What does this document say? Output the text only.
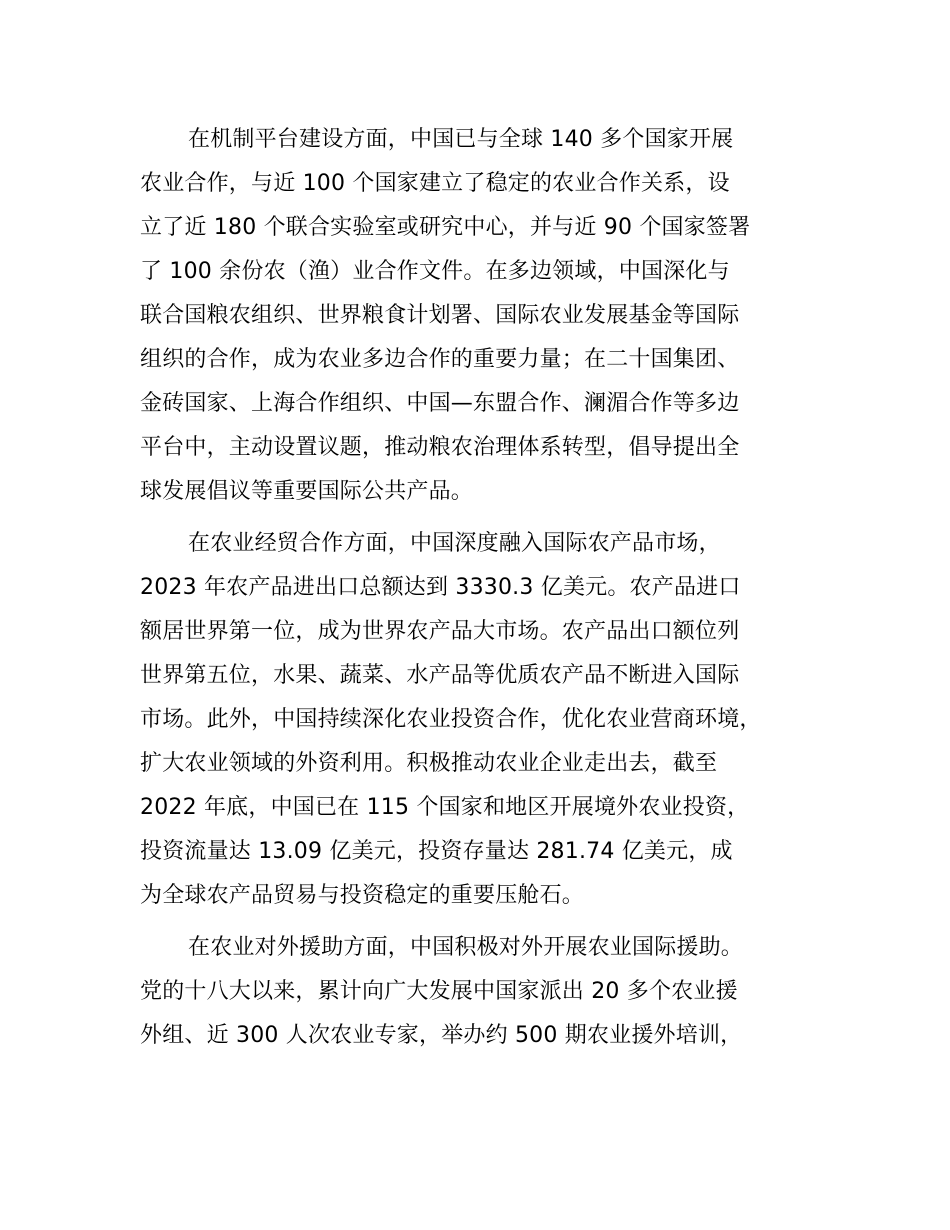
在机制平台建设方面，中国已与全球 140 多个国家开展
农业合作，与近 100 个国家建立了稳定的农业合作关系，设
立了近 180 个联合实验室或研究中心，并与近 90 个国家签署
了 100 余份农（渔）业合作文件。在多边领域，中国深化与
联合国粮农组织、世界粮食计划署、国际农业发展基金等国际
组织的合作，成为农业多边合作的重要力量；在二十国集团、
金砖国家、上海合作组织、中国—东盟合作、澜湄合作等多边
平台中，主动设置议题，推动粮农治理体系转型，倡导提出全
球发展倡议等重要国际公共产品。
在农业经贸合作方面，中国深度融入国际农产品市场，
2023 年农产品进出口总额达到 3330.3 亿美元。农产品进口
额居世界第一位，成为世界农产品大市场。农产品出口额位列
世界第五位，水果、蔬菜、水产品等优质农产品不断进入国际
市场。此外，中国持续深化农业投资合作，优化农业营商环境，
扩大农业领域的外资利用。积极推动农业企业走出去，截至
2022 年底，中国已在 115 个国家和地区开展境外农业投资，
投资流量达 13.09 亿美元，投资存量达 281.74 亿美元，成
为全球农产品贸易与投资稳定的重要压舱石。
在农业对外援助方面，中国积极对外开展农业国际援助。
党的十八大以来，累计向广大发展中国家派出 20 多个农业援
外组、近 300 人次农业专家，举办约 500 期农业援外培训，
